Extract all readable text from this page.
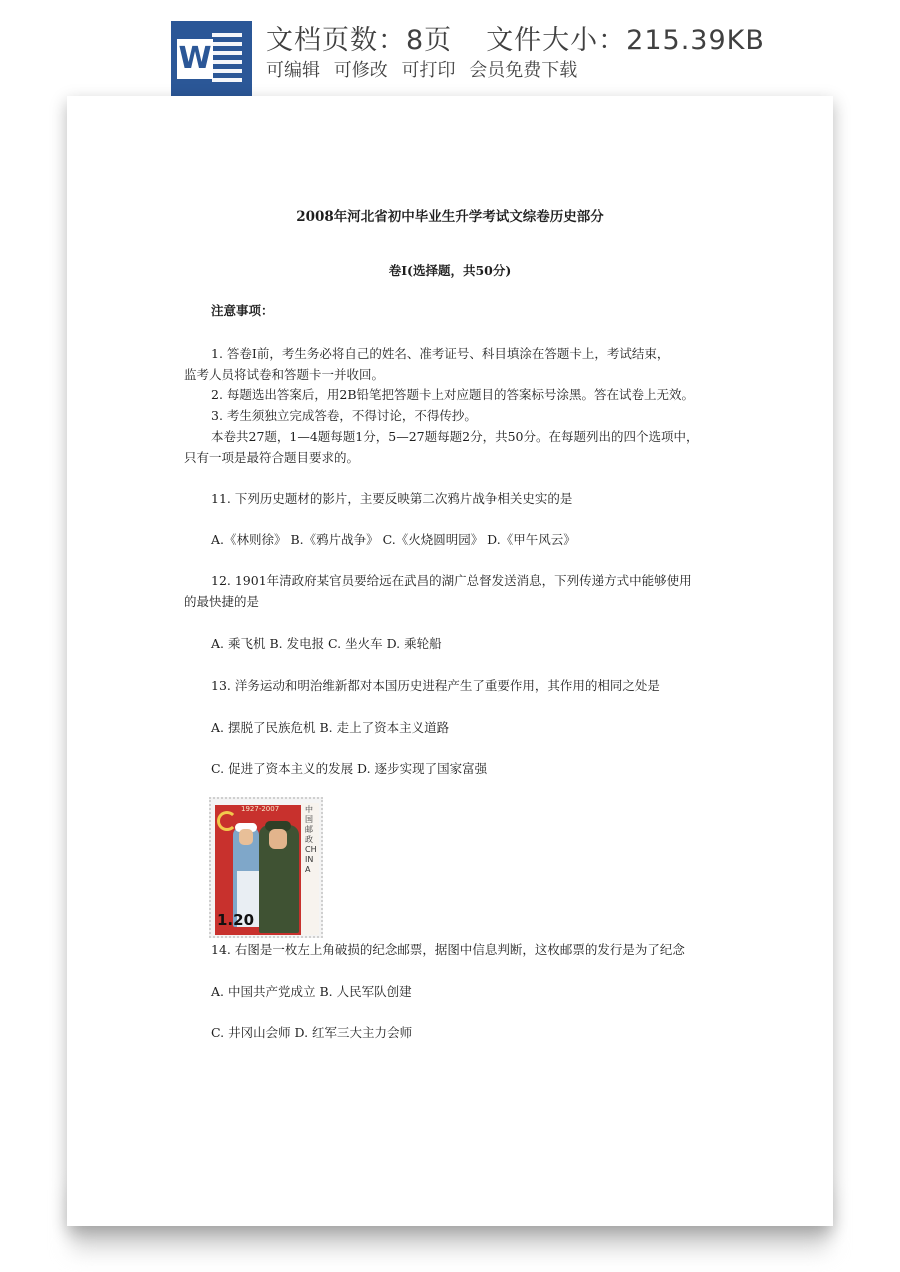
W
文档页数：8页 文件大小：215.39KB
可编辑 可修改 可打印 会员免费下载
2008年河北省初中毕业生升学考试文综卷历史部分
卷Ⅰ(选择题，共50分)
注意事项：
1. 答卷Ⅰ前，考生务必将自己的姓名、准考证号、科目填涂在答题卡上，考试结束，
监考人员将试卷和答题卡一并收回。
2. 每题选出答案后，用2B铅笔把答题卡上对应题目的答案标号涂黑。答在试卷上无效。
3. 考生须独立完成答卷，不得讨论，不得传抄。
本卷共27题，1—4题每题1分，5—27题每题2分，共50分。在每题列出的四个选项中，
只有一项是最符合题目要求的。
11. 下列历史题材的影片，主要反映第二次鸦片战争相关史实的是
A.《林则徐》 B.《鸦片战争》 C.《火烧圆明园》 D.《甲午风云》
12. 1901年清政府某官员要给远在武昌的湖广总督发送消息，下列传递方式中能够使用
的最快捷的是
A. 乘飞机 B. 发电报 C. 坐火车 D. 乘轮船
13. 洋务运动和明治维新都对本国历史进程产生了重要作用，其作用的相同之处是
A. 摆脱了民族危机 B. 走上了资本主义道路
C. 促进了资本主义的发展 D. 逐步实现了国家富强
1927-2007	中国邮政CHINA
1.20
14. 右图是一枚左上角破损的纪念邮票，据图中信息判断，这枚邮票的发行是为了纪念
A. 中国共产党成立 B. 人民军队创建
C. 井冈山会师 D. 红军三大主力会师
